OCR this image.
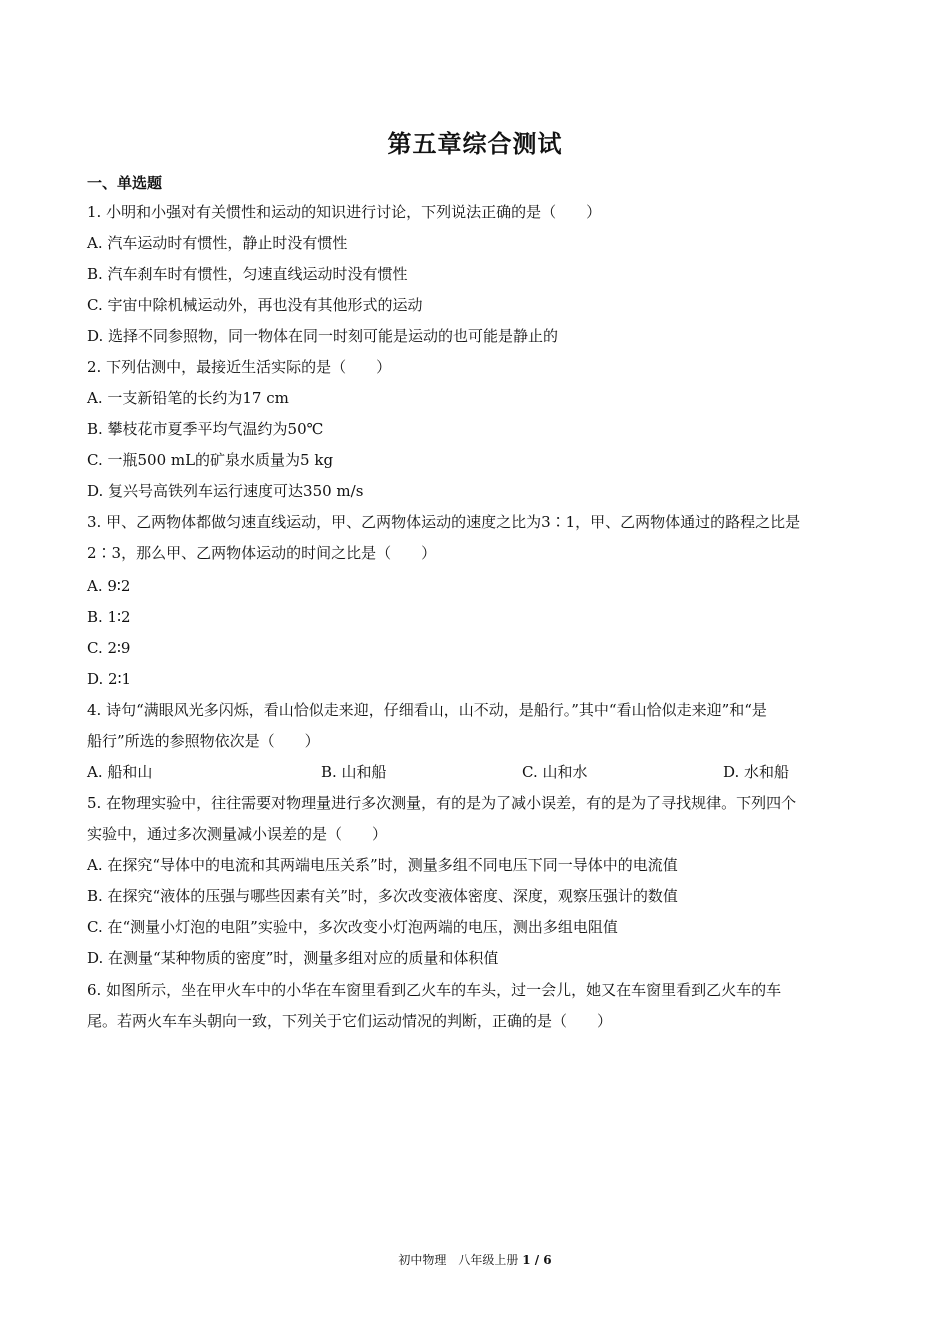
第五章综合测试
一、单选题
1. 小明和小强对有关惯性和运动的知识进行讨论，下列说法正确的是（　　）
A. 汽车运动时有惯性，静止时没有惯性
B. 汽车刹车时有惯性，匀速直线运动时没有惯性
C. 宇宙中除机械运动外，再也没有其他形式的运动
D. 选择不同参照物，同一物体在同一时刻可能是运动的也可能是静止的
2. 下列估测中，最接近生活实际的是（　　）
A. 一支新铅笔的长约为17 cm
B. 攀枝花市夏季平均气温约为50℃
C. 一瓶500 mL的矿泉水质量为5 kg
D. 复兴号高铁列车运行速度可达350 m/s
3. 甲、乙两物体都做匀速直线运动，甲、乙两物体运动的速度之比为3∶1，甲、乙两物体通过的路程之比是
2∶3，那么甲、乙两物体运动的时间之比是（　　）
A. 9∶2
B. 1∶2
C. 2∶9
D. 2∶1
4. 诗句“满眼风光多闪烁，看山恰似走来迎，仔细看山，山不动，是船行。”其中“看山恰似走来迎”和“是
船行”所选的参照物依次是（　　）
A. 船和山	B. 山和船	C. 山和水	D. 水和船
5. 在物理实验中，往往需要对物理量进行多次测量，有的是为了减小误差，有的是为了寻找规律。下列四个
实验中，通过多次测量减小误差的是（　　）
A. 在探究“导体中的电流和其两端电压关系”时，测量多组不同电压下同一导体中的电流值
B. 在探究“液体的压强与哪些因素有关”时，多次改变液体密度、深度，观察压强计的数值
C. 在“测量小灯泡的电阻”实验中，多次改变小灯泡两端的电压，测出多组电阻值
D. 在测量“某种物质的密度”时，测量多组对应的质量和体积值
6. 如图所示，坐在甲火车中的小华在车窗里看到乙火车的车头，过一会儿，她又在车窗里看到乙火车的车
尾。若两火车车头朝向一致，下列关于它们运动情况的判断，正确的是（　　）
初中物理　八年级上册 1 / 6
